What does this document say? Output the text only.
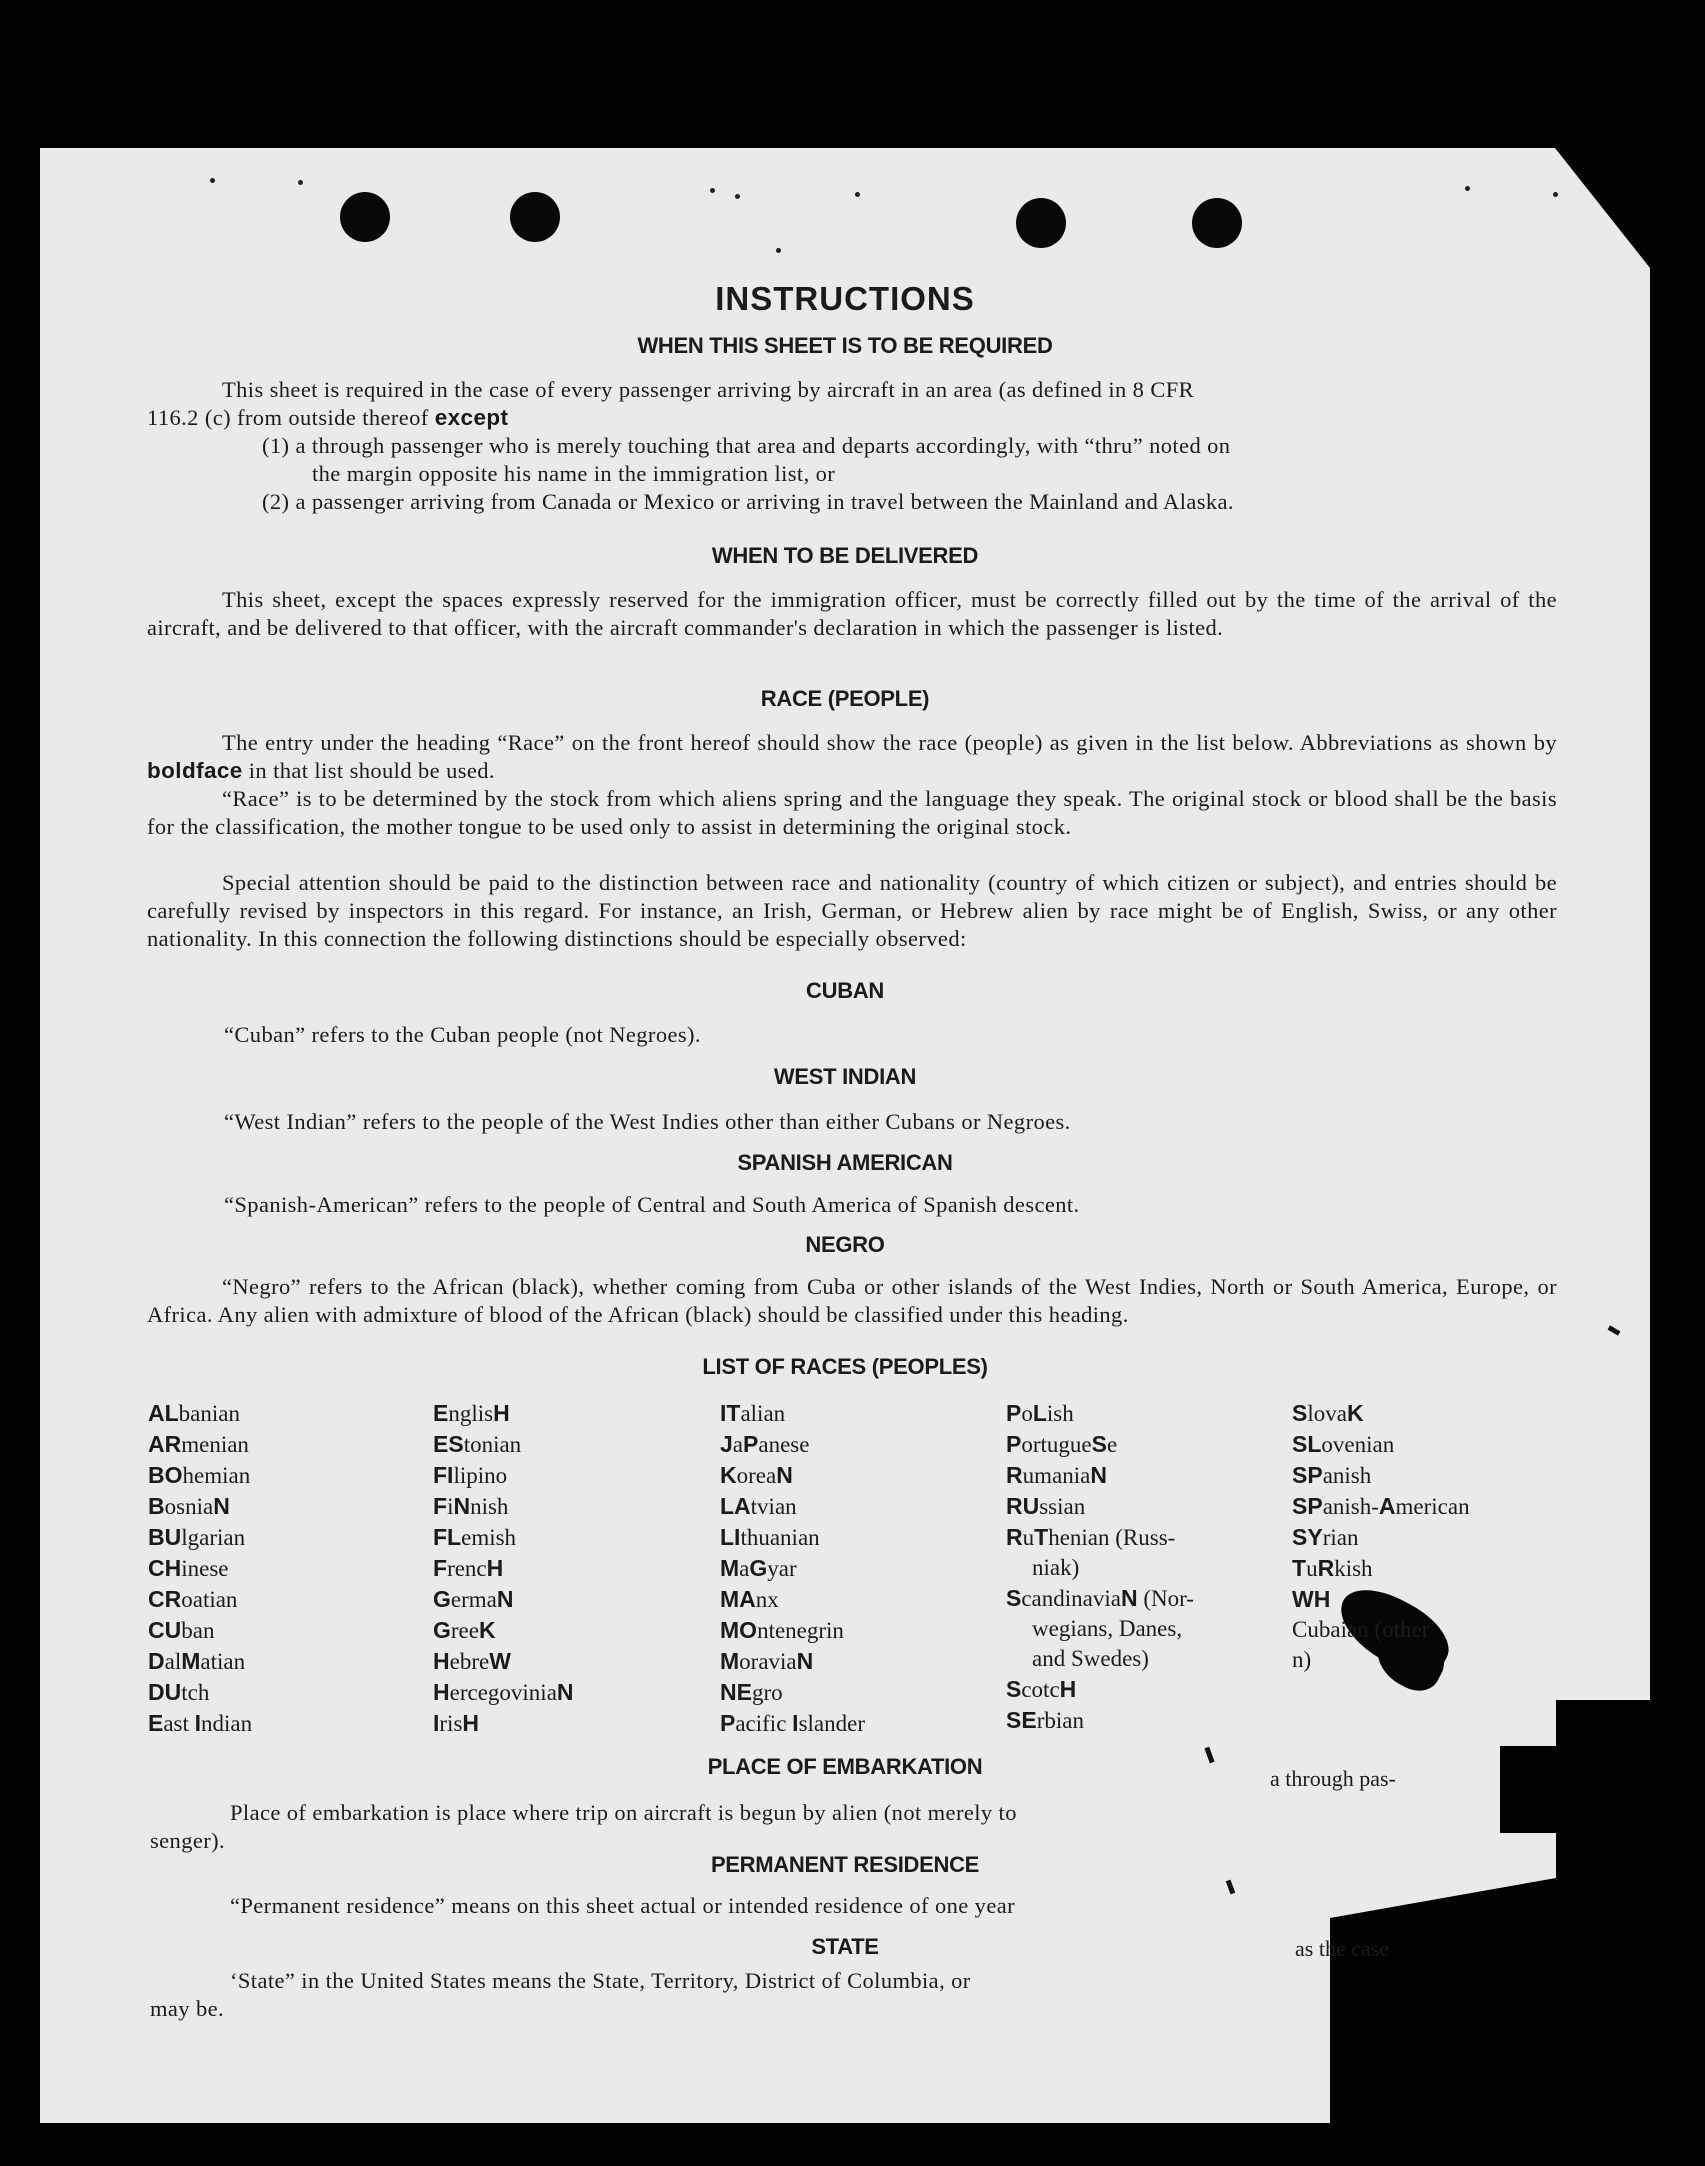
INSTRUCTIONS
WHEN THIS SHEET IS TO BE REQUIRED
This sheet is required in the case of every passenger arriving by aircraft in an area (as defined in 8 CFR
116.2 (c) from outside thereof except
(1) a through passenger who is merely touching that area and departs accordingly, with “thru” noted on
the margin opposite his name in the immigration list, or
(2) a passenger arriving from Canada or Mexico or arriving in travel between the Mainland and Alaska.
WHEN TO BE DELIVERED

This sheet, except the spaces expressly reserved for the immigration officer, must be correctly filled out by the time of the arrival of the aircraft, and be delivered to that officer, with the aircraft commander's declaration in which the passenger is listed.

RACE (PEOPLE)

The entry under the heading “Race” on the front hereof should show the race (people) as given in the list below. Abbreviations as shown by boldface in that list should be used.

“Race” is to be determined by the stock from which aliens spring and the language they speak. The original stock or blood shall be the basis for the classification, the mother tongue to be used only to assist in determining the original stock.

Special attention should be paid to the distinction between race and nationality (country of which citizen or subject), and entries should be carefully revised by inspectors in this regard. For instance, an Irish, German, or Hebrew alien by race might be of English, Swiss, or any other nationality. In this connection the following distinctions should be especially observed:

CUBAN
“Cuban” refers to the Cuban people (not Negroes).
WEST INDIAN
“West Indian” refers to the people of the West Indies other than either Cubans or Negroes.
SPANISH AMERICAN
“Spanish-American” refers to the people of Central and South America of Spanish descent.
NEGRO

“Negro” refers to the African (black), whether coming from Cuba or other islands of the West Indies, North or South America, Europe, or Africa. Any alien with admixture of blood of the African (black) should be classified under this heading.

LIST OF RACES (PEOPLES)
ALbanian
ARmenian
BOhemian
BosniaN
BUlgarian
CHinese
CRoatian
CUban
DalMatian
DUtch
East Indian
EnglisH
EStonian
FIlipino
FiNnish
FLemish
FrencH
GermaN
GreeK
HebreW
HercegoviniaN
IrisH
ITalian
JaPanese
KoreaN
LAtvian
LIthuanian
MaGyar
MAnx
MOntenegrin
MoraviaN
NEgro
Pacific Islander
PoLish
PortugueSe
RumaniaN
RUssian
RuThenian (Russ-
niak)
ScandinaviaN (Nor-
wegians, Danes,
and Swedes)
ScotcH
SErbian
SlovaK
SLovenian
SPanish
SPanish-American
SYrian
TuRkish
WH
Cubaian (other
n)
PLACE OF EMBARKATION
Place of embarkation is place where trip on aircraft is begun by alien (not merely to
a through pas-
senger).
PERMANENT RESIDENCE
“Permanent residence” means on this sheet actual or intended residence of one year
STATE	as the case
‘State” in the United States means the State, Territory, District of Columbia, or
may be.
